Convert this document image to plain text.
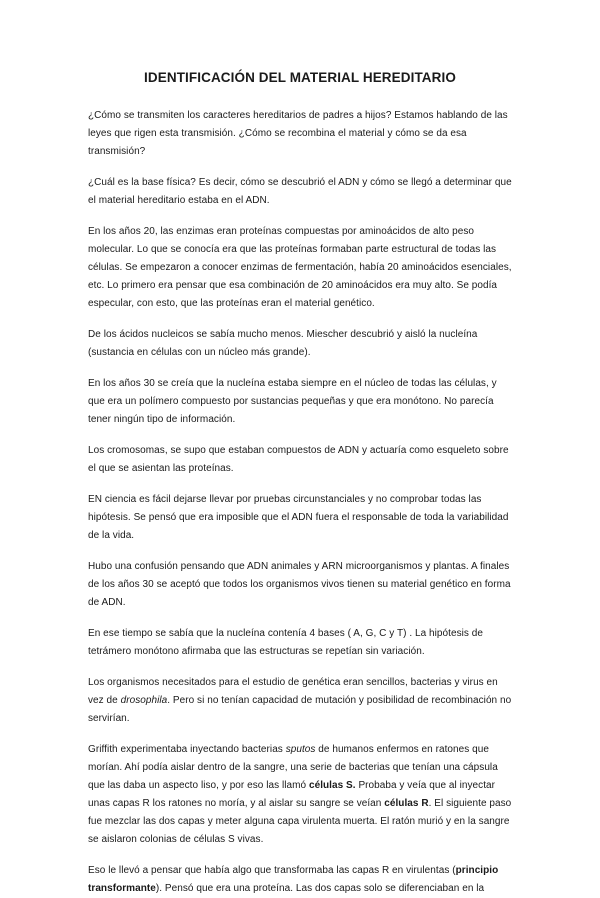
IDENTIFICACIÓN DEL MATERIAL HEREDITARIO

¿Cómo se transmiten los caracteres hereditarios de padres a hijos? Estamos hablando de las leyes que rigen esta transmisión. ¿Cómo se recombina el material y cómo se da esa transmisión?

¿Cuál es la base física? Es decir, cómo se descubrió el ADN y cómo se llegó a determinar que el material hereditario estaba en el ADN.

En los años 20, las enzimas eran proteínas compuestas por aminoácidos de alto peso molecular. Lo que se conocía era que las proteínas formaban parte estructural de todas las células. Se empezaron a conocer enzimas de fermentación, había 20 aminoácidos esenciales, etc. Lo primero era pensar que esa combinación de 20 aminoácidos era muy alto. Se podía especular, con esto, que las proteínas eran el material genético.

De los ácidos nucleicos se sabía mucho menos. Miescher descubrió y aisló la nucleína (sustancia en células con un núcleo más grande).

En los años 30 se creía que la nucleína estaba siempre en el núcleo de todas las células, y que era un polímero compuesto por sustancias pequeñas y que era monótono. No parecía tener ningún tipo de información.

Los cromosomas, se supo que estaban compuestos de ADN y actuaría como esqueleto sobre el que se asientan las proteínas.

EN ciencia es fácil dejarse llevar por pruebas circunstanciales y no comprobar todas las hipótesis. Se pensó que era imposible que el ADN fuera el responsable de toda la variabilidad de la vida.

Hubo una confusión pensando que ADN animales y ARN microorganismos y plantas. A finales de los años 30 se aceptó que todos los organismos vivos tienen su material genético en forma de ADN.

En ese tiempo se sabía que la nucleína contenía 4 bases ( A, G, C y T) . La hipótesis de tetrámero monótono afirmaba que las estructuras se repetían sin variación.

Los organismos necesitados para el estudio de genética eran sencillos, bacterias y virus en vez de drosophila. Pero si no tenían capacidad de mutación y posibilidad de recombinación no servirían.

Griffith experimentaba inyectando bacterias sputos de humanos enfermos en ratones que morían. Ahí podía aislar dentro de la sangre, una serie de bacterias que tenían una cápsula que las daba un aspecto liso, y por eso las llamó células S. Probaba y veía que al inyectar unas capas R los ratones no moría, y al aislar su sangre se veían células R. El siguiente paso fue mezclar las dos capas y meter alguna capa virulenta muerta. El ratón murió y en la sangre se aislaron colonias de células S vivas.

Eso le llevó a pensar que había algo que transformaba las capas R en virulentas (principio transformante). Pensó que era una proteína. Las dos capas solo se diferenciaban en la
